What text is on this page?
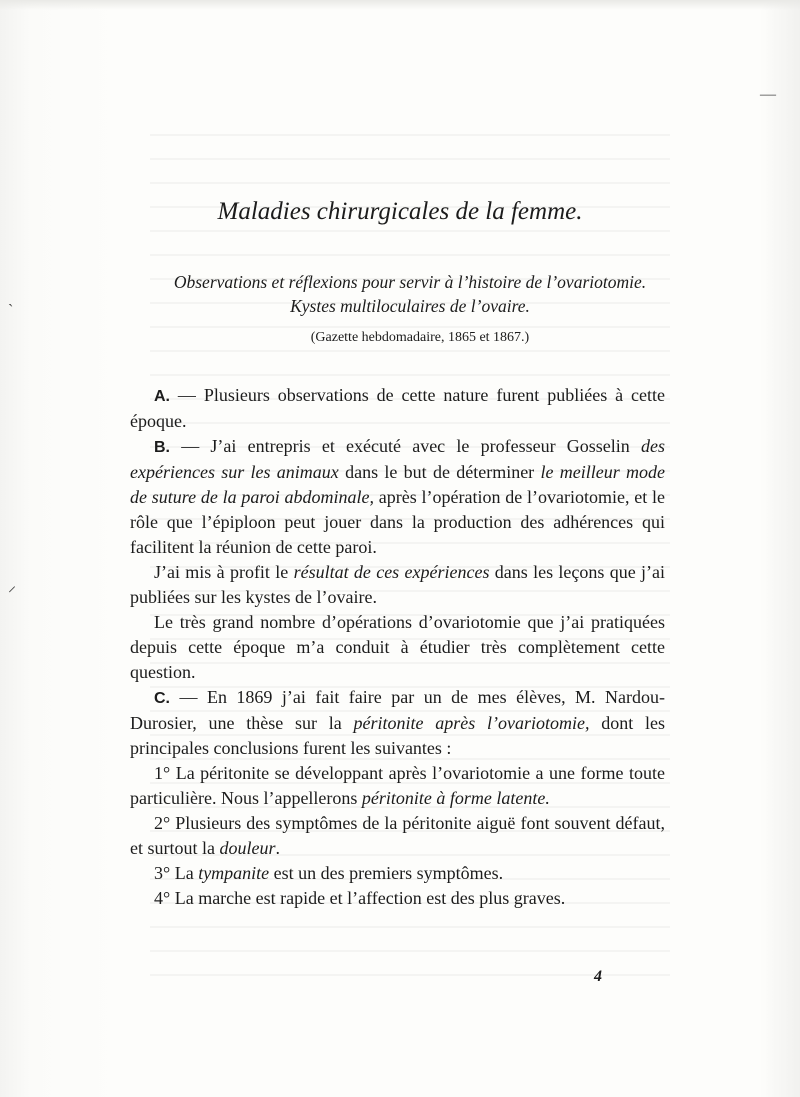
—
ˋ
⸝
Maladies chirurgicales de la femme.

Observations et réflexions pour servir à l’histoire de l’ovariotomie.

Kystes multiloculaires de l’ovaire.

(Gazette hebdomadaire, 1865 et 1867.)

A. — Plusieurs observations de cette nature furent publiées à cette époque.

B. — J’ai entrepris et exécuté avec le professeur Gosselin des expériences sur les animaux dans le but de déterminer le meilleur mode de suture de la paroi abdominale, après l’opération de l’ovariotomie, et le rôle que l’épiploon peut jouer dans la production des adhérences qui facilitent la réunion de cette paroi.

J’ai mis à profit le résultat de ces expériences dans les leçons que j’ai publiées sur les kystes de l’ovaire.

Le très grand nombre d’opérations d’ovariotomie que j’ai pratiquées depuis cette époque m’a conduit à étudier très complètement cette question.

C. — En 1869 j’ai fait faire par un de mes élèves, M. Nardou-Durosier, une thèse sur la péritonite après l’ovariotomie, dont les principales conclusions furent les suivantes :

1° La péritonite se développant après l’ovariotomie a une forme toute particulière. Nous l’appellerons péritonite à forme latente.

2° Plusieurs des symptômes de la péritonite aiguë font souvent défaut, et surtout la douleur.

3° La tympanite est un des premiers symptômes.

4° La marche est rapide et l’affection est des plus graves.

4
